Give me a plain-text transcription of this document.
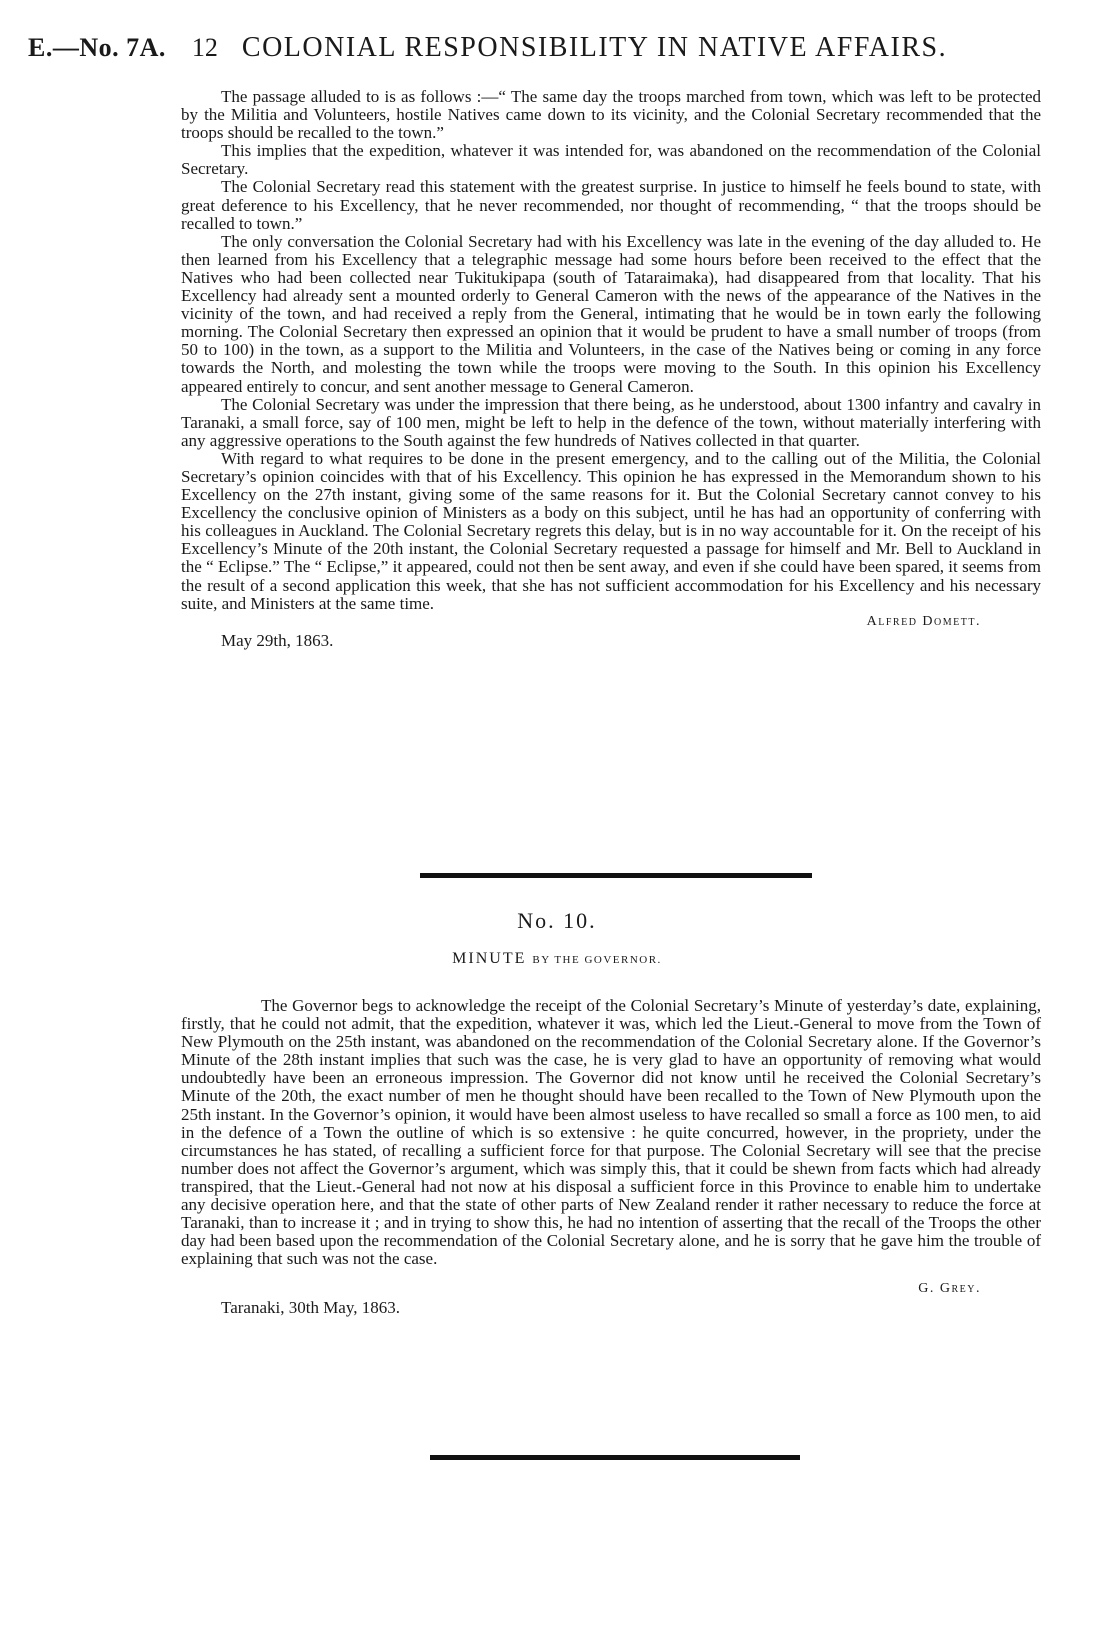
E.—No. 7A. 12 COLONIAL RESPONSIBILITY IN NATIVE AFFAIRS.

The passage alluded to is as follows :—“ The same day the troops marched from town, which was left to be protected by the Militia and Volunteers, hostile Natives came down to its vicinity, and the Colonial Secretary recommended that the troops should be recalled to the town.”

This implies that the expedition, whatever it was intended for, was abandoned on the recommendation of the Colonial Secretary.

The Colonial Secretary read this statement with the greatest surprise. In justice to himself he feels bound to state, with great deference to his Excellency, that he never recommended, nor thought of recommending, “ that the troops should be recalled to town.”

The only conversation the Colonial Secretary had with his Excellency was late in the evening of the day alluded to. He then learned from his Excellency that a telegraphic message had some hours before been received to the effect that the Natives who had been collected near Tukitukipapa (south of Tataraimaka), had disappeared from that locality. That his Excellency had already sent a mounted orderly to General Cameron with the news of the appearance of the Natives in the vicinity of the town, and had received a reply from the General, intimating that he would be in town early the following morning. The Colonial Secretary then expressed an opinion that it would be prudent to have a small number of troops (from 50 to 100) in the town, as a support to the Militia and Volunteers, in the case of the Natives being or coming in any force towards the North, and molesting the town while the troops were moving to the South. In this opinion his Excellency appeared entirely to concur, and sent another message to General Cameron.

The Colonial Secretary was under the impression that there being, as he understood, about 1300 infantry and cavalry in Taranaki, a small force, say of 100 men, might be left to help in the defence of the town, without materially interfering with any aggressive operations to the South against the few hundreds of Natives collected in that quarter.

With regard to what requires to be done in the present emergency, and to the calling out of the Militia, the Colonial Secretary’s opinion coincides with that of his Excellency. This opinion he has expressed in the Memorandum shown to his Excellency on the 27th instant, giving some of the same reasons for it. But the Colonial Secretary cannot convey to his Excellency the conclusive opinion of Ministers as a body on this subject, until he has had an opportunity of conferring with his colleagues in Auckland. The Colonial Secretary regrets this delay, but is in no way accountable for it. On the receipt of his Excellency’s Minute of the 20th instant, the Colonial Secretary requested a passage for himself and Mr. Bell to Auckland in the “ Eclipse.” The “ Eclipse,” it appeared, could not then be sent away, and even if she could have been spared, it seems from the result of a second application this week, that she has not sufficient accommodation for his Excellency and his necessary suite, and Ministers at the same time.

Alfred Domett.
May 29th, 1863.
No. 10.
MINUTE BY THE GOVERNOR.

The Governor begs to acknowledge the receipt of the Colonial Secretary’s Minute of yesterday’s date, explaining, firstly, that he could not admit, that the expedition, whatever it was, which led the Lieut.-General to move from the Town of New Plymouth on the 25th instant, was abandoned on the recommendation of the Colonial Secretary alone. If the Governor’s Minute of the 28th instant implies that such was the case, he is very glad to have an opportunity of removing what would undoubtedly have been an erroneous impression. The Governor did not know until he received the Colonial Secretary’s Minute of the 20th, the exact number of men he thought should have been recalled to the Town of New Plymouth upon the 25th instant. In the Governor’s opinion, it would have been almost useless to have recalled so small a force as 100 men, to aid in the defence of a Town the outline of which is so extensive : he quite concurred, however, in the propriety, under the circumstances he has stated, of recalling a sufficient force for that purpose. The Colonial Secretary will see that the precise number does not affect the Governor’s argument, which was simply this, that it could be shewn from facts which had already transpired, that the Lieut.-General had not now at his disposal a sufficient force in this Province to enable him to undertake any decisive operation here, and that the state of other parts of New Zealand render it rather necessary to reduce the force at Taranaki, than to increase it ; and in trying to show this, he had no intention of asserting that the recall of the Troops the other day had been based upon the recommendation of the Colonial Secretary alone, and he is sorry that he gave him the trouble of explaining that such was not the case.

G. Grey.
Taranaki, 30th May, 1863.
